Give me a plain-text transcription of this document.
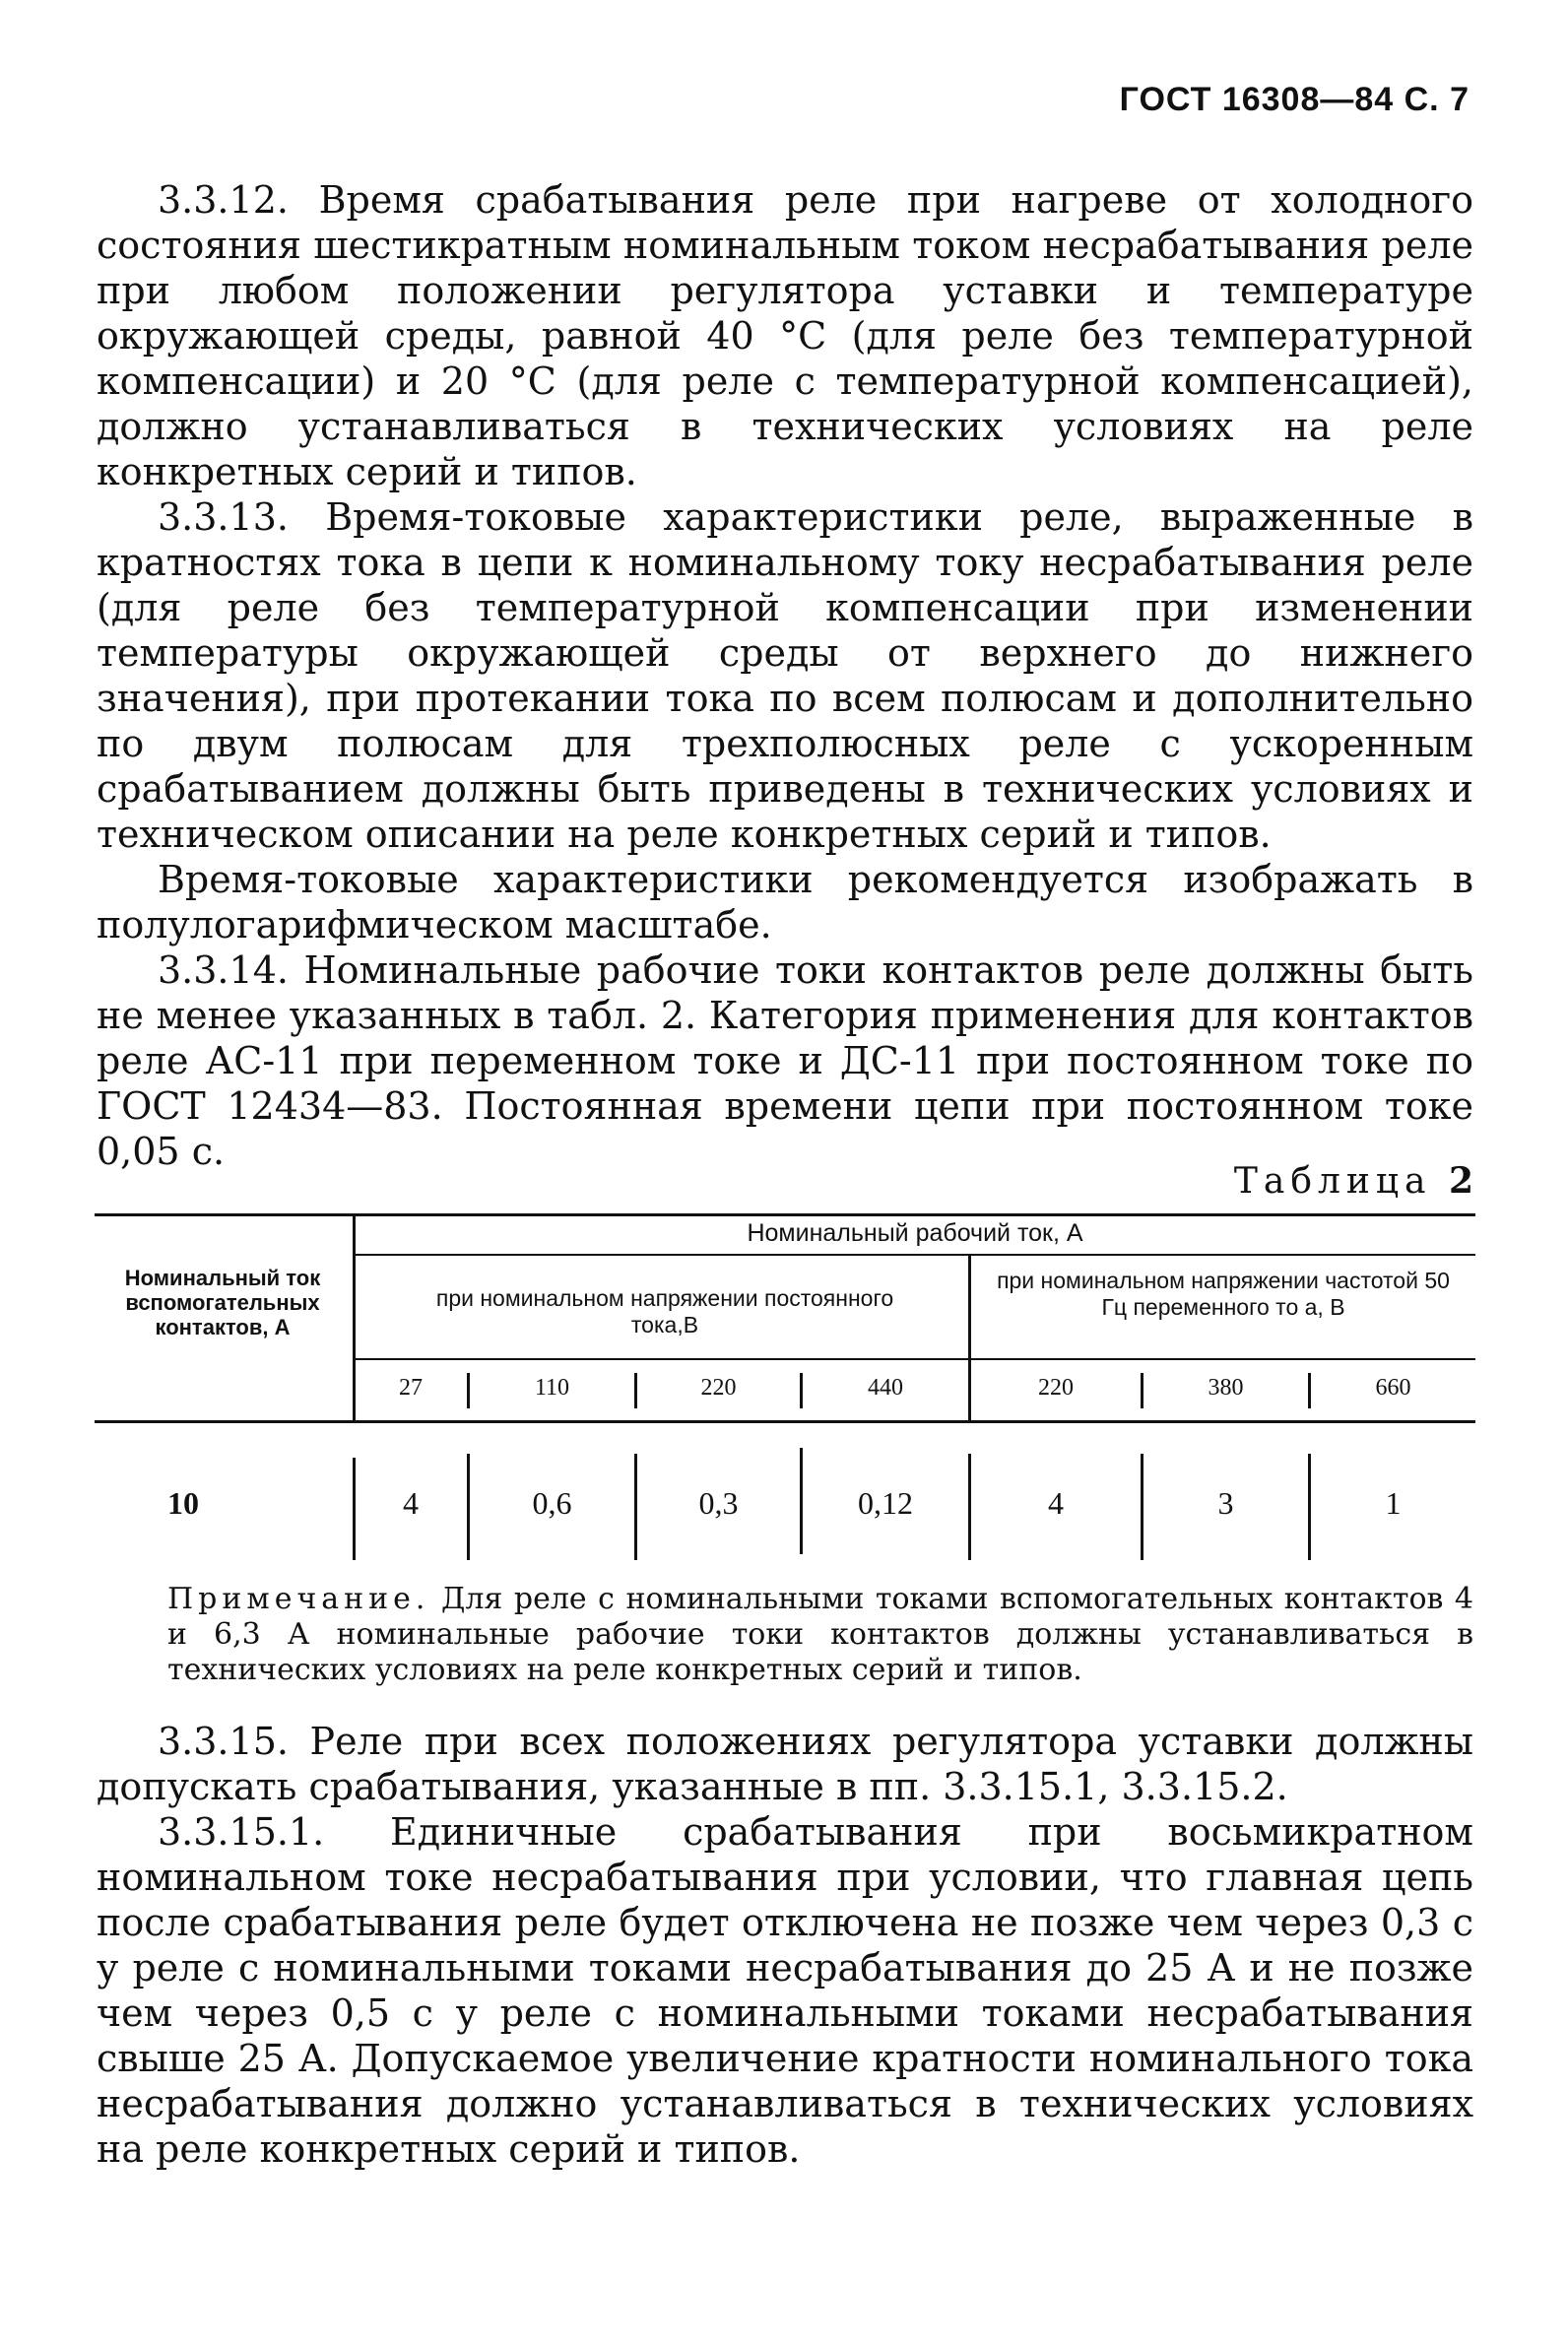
ГОСТ 16308—84 С. 7

3.3.12. Время срабатывания реле при нагреве от холодного состояния шестикратным номинальным током несрабатывания реле при любом положении регулятора уставки и температуре окружающей среды, равной 40 °С (для реле без температурной компенсации) и 20 °С (для реле с температурной компенсацией), должно устанавливаться в технических условиях на реле конкретных серий и типов.

3.3.13. Время-токовые характеристики реле, выраженные в кратностях тока в цепи к номинальному току несрабатывания реле (для реле без температурной компенсации при изменении температуры окружающей среды от верхнего до нижнего значения), при протекании тока по всем полюсам и дополнительно по двум полюсам для трехполюсных реле с ускоренным срабатыванием должны быть приведены в технических условиях и техническом описании на реле конкретных серий и типов.

Время-токовые характеристики рекомендуется изображать в полулогарифмическом масштабе.

3.3.14. Номинальные рабочие токи контактов реле должны быть не менее указанных в табл. 2. Категория применения для контактов реле АС-11 при переменном токе и ДС-11 при постоянном токе по ГОСТ 12434—83. Постоянная времени цепи при постоянном токе 0,05 с.

Таблица 2
Номинальный ток вспомогательных контактов, А
Номинальный рабочий ток, А
при номинальном напряжении постоянного тока,В
при номинальном напряжении частотой 50 Гц переменного то а, В
27	110	220	440	220	380	660
10	4	0,6	0,3	0,12	4	3	1
Примечание. Для реле с номинальными токами вспомогательных контактов 4 и 6,3 А номинальные рабочие токи контактов должны устанавливаться в технических условиях на реле конкретных серий и типов.

3.3.15. Реле при всех положениях регулятора уставки должны допускать срабатывания, указанные в пп. 3.3.15.1, 3.3.15.2.

3.3.15.1. Единичные срабатывания при восьмикратном номинальном токе несрабатывания при условии, что главная цепь после срабатывания реле будет отключена не позже чем через 0,3 с у реле с номинальными токами несрабатывания до 25 А и не позже чем через 0,5 с у реле с номинальными токами несрабатывания свыше 25 А. Допускаемое увеличение кратности номинального тока несрабатывания должно устанавливаться в технических условиях на реле конкретных серий и типов.
